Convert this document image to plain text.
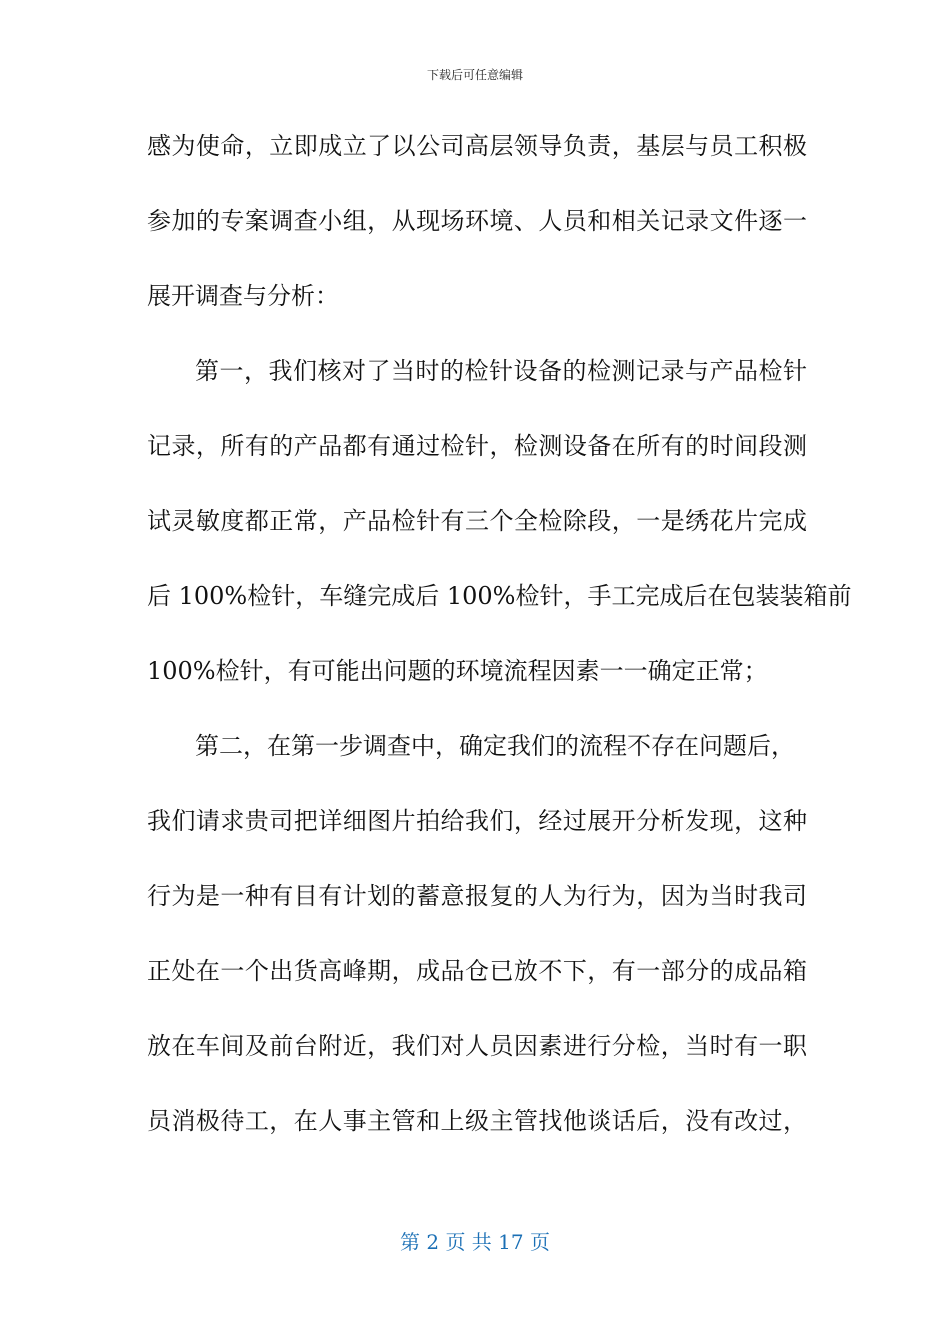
下载后可任意编辑
感为使命，立即成立了以公司高层领导负责，基层与员工积极
参加的专案调查小组，从现场环境、人员和相关记录文件逐一
展开调查与分析：
第一，我们核对了当时的检针设备的检测记录与产品检针
记录，所有的产品都有通过检针，检测设备在所有的时间段测
试灵敏度都正常，产品检针有三个全检除段，一是绣花片完成
后 100%检针，车缝完成后 100%检针，手工完成后在包装装箱前
100%检针，有可能出问题的环境流程因素一一确定正常；
第二，在第一步调查中，确定我们的流程不存在问题后，
我们请求贵司把详细图片拍给我们，经过展开分析发现，这种
行为是一种有目有计划的蓄意报复的人为行为，因为当时我司
正处在一个出货高峰期，成品仓已放不下，有一部分的成品箱
放在车间及前台附近，我们对人员因素进行分检，当时有一职
员消极待工，在人事主管和上级主管找他谈话后，没有改过，
第 2 页 共 17 页
